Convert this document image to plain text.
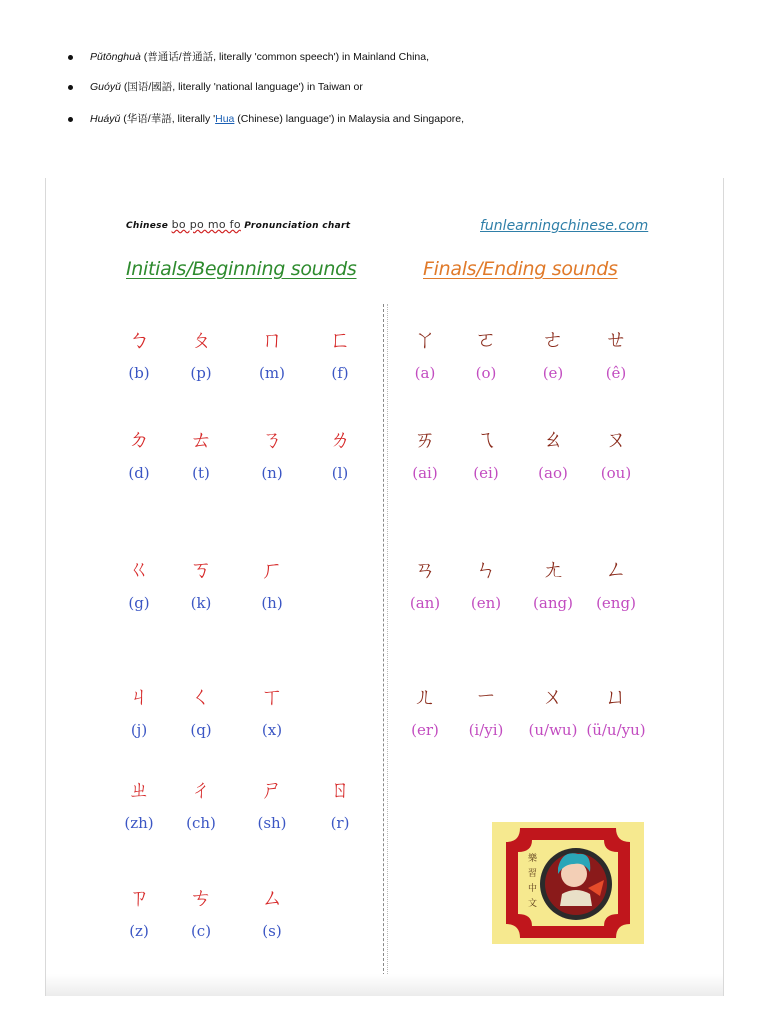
Pǔtōnghuà (普通话/普通話, literally 'common speech') in Mainland China,
Guóyǔ (国语/國語, literally 'national language') in Taiwan or
Huáyǔ (华语/華語, literally 'Hua (Chinese) language') in Malaysia and Singapore,
Chinese bo po mo fo Pronunciation chart	funlearningchinese.com
Initials/Beginning sounds	Finals/Ending sounds
ㄅ
(b)
ㄆ
(p)
ㄇ
(m)
ㄈ
(f)
ㄉ
(d)
ㄊ
(t)
ㄋ
(n)
ㄌ
(l)
ㄍ
(g)
ㄎ
(k)
ㄏ
(h)
ㄐ
(j)
ㄑ
(q)
ㄒ
(x)
ㄓ
(zh)
ㄔ
(ch)
ㄕ
(sh)
ㄖ
(r)
ㄗ
(z)
ㄘ
(c)
ㄙ
(s)
ㄚ
(a)
ㄛ
(o)
ㄜ
(e)
ㄝ
(ê)
ㄞ
(ai)
ㄟ
(ei)
ㄠ
(ao)
ㄡ
(ou)
ㄢ
(an)
ㄣ
(en)
ㄤ
(ang)
ㄥ
(eng)
ㄦ
(er)
ㄧ
(i/yi)
ㄨ
(u/wu)
ㄩ
(ü/u/yu)
樂 習 中 文
